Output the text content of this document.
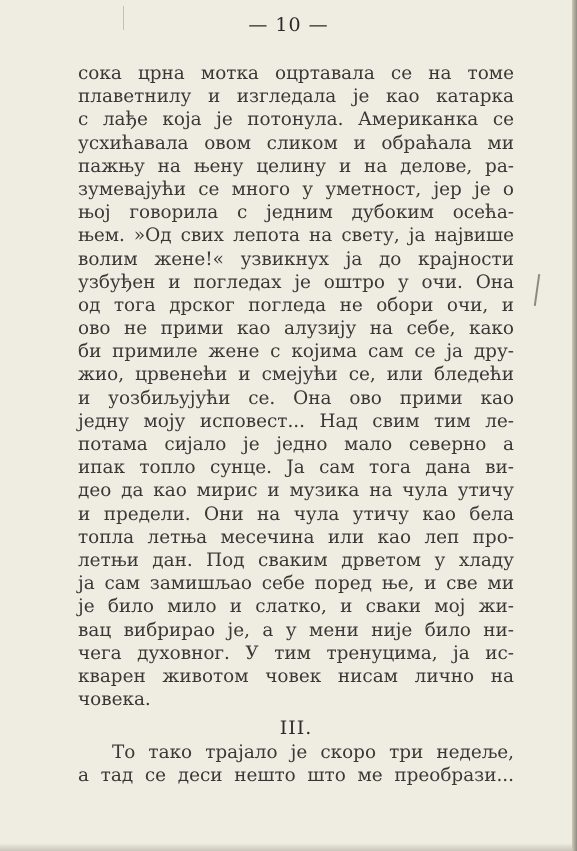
— 10 —
сока црна мотка оцртавала се на томе
плаветнилу и изгледала је као катарка
с лађе која је потонула. Американка се
усхићавала овом сликом и обраћала ми
пажњу на њену целину и на делове, ра-
зумевајући се много у уметност, јер је о
њој говорила с једним дубоким осећа-
њем. »Од свих лепота на свету, ја највише
волим жене!« узвикнух ја до крајности
узбуђен и погледах је оштро у очи. Она
од тога дрског погледа не обори очи, и
ово не прими као алузију на себе, како
би примиле жене с којима сам се ја дру-
жио, црвенећи и смејући се, или бледећи
и уозбиљујући се. Она ово прими као
једну моју исповест... Над свим тим ле-
потама сијало је једно мало северно а
ипак топло сунце. Ја сам тога дана ви-
део да као мирис и музика на чула утичу
и предели. Они на чула утичу као бела
топла летња месечина или као леп про-
летњи дан. Под сваким дрветом у хладу
ја сам замишљао себе поред ње, и све ми
је било мило и слатко, и сваки мој жи-
вац вибрирао је, а у мени није било ни-
чега духовног. У тим тренуцима, ја ис-
кварен животом човек нисам лично на
човека.
III.
То тако трајало је скоро три недеље,
а тад се деси нешто што ме преобрази...
